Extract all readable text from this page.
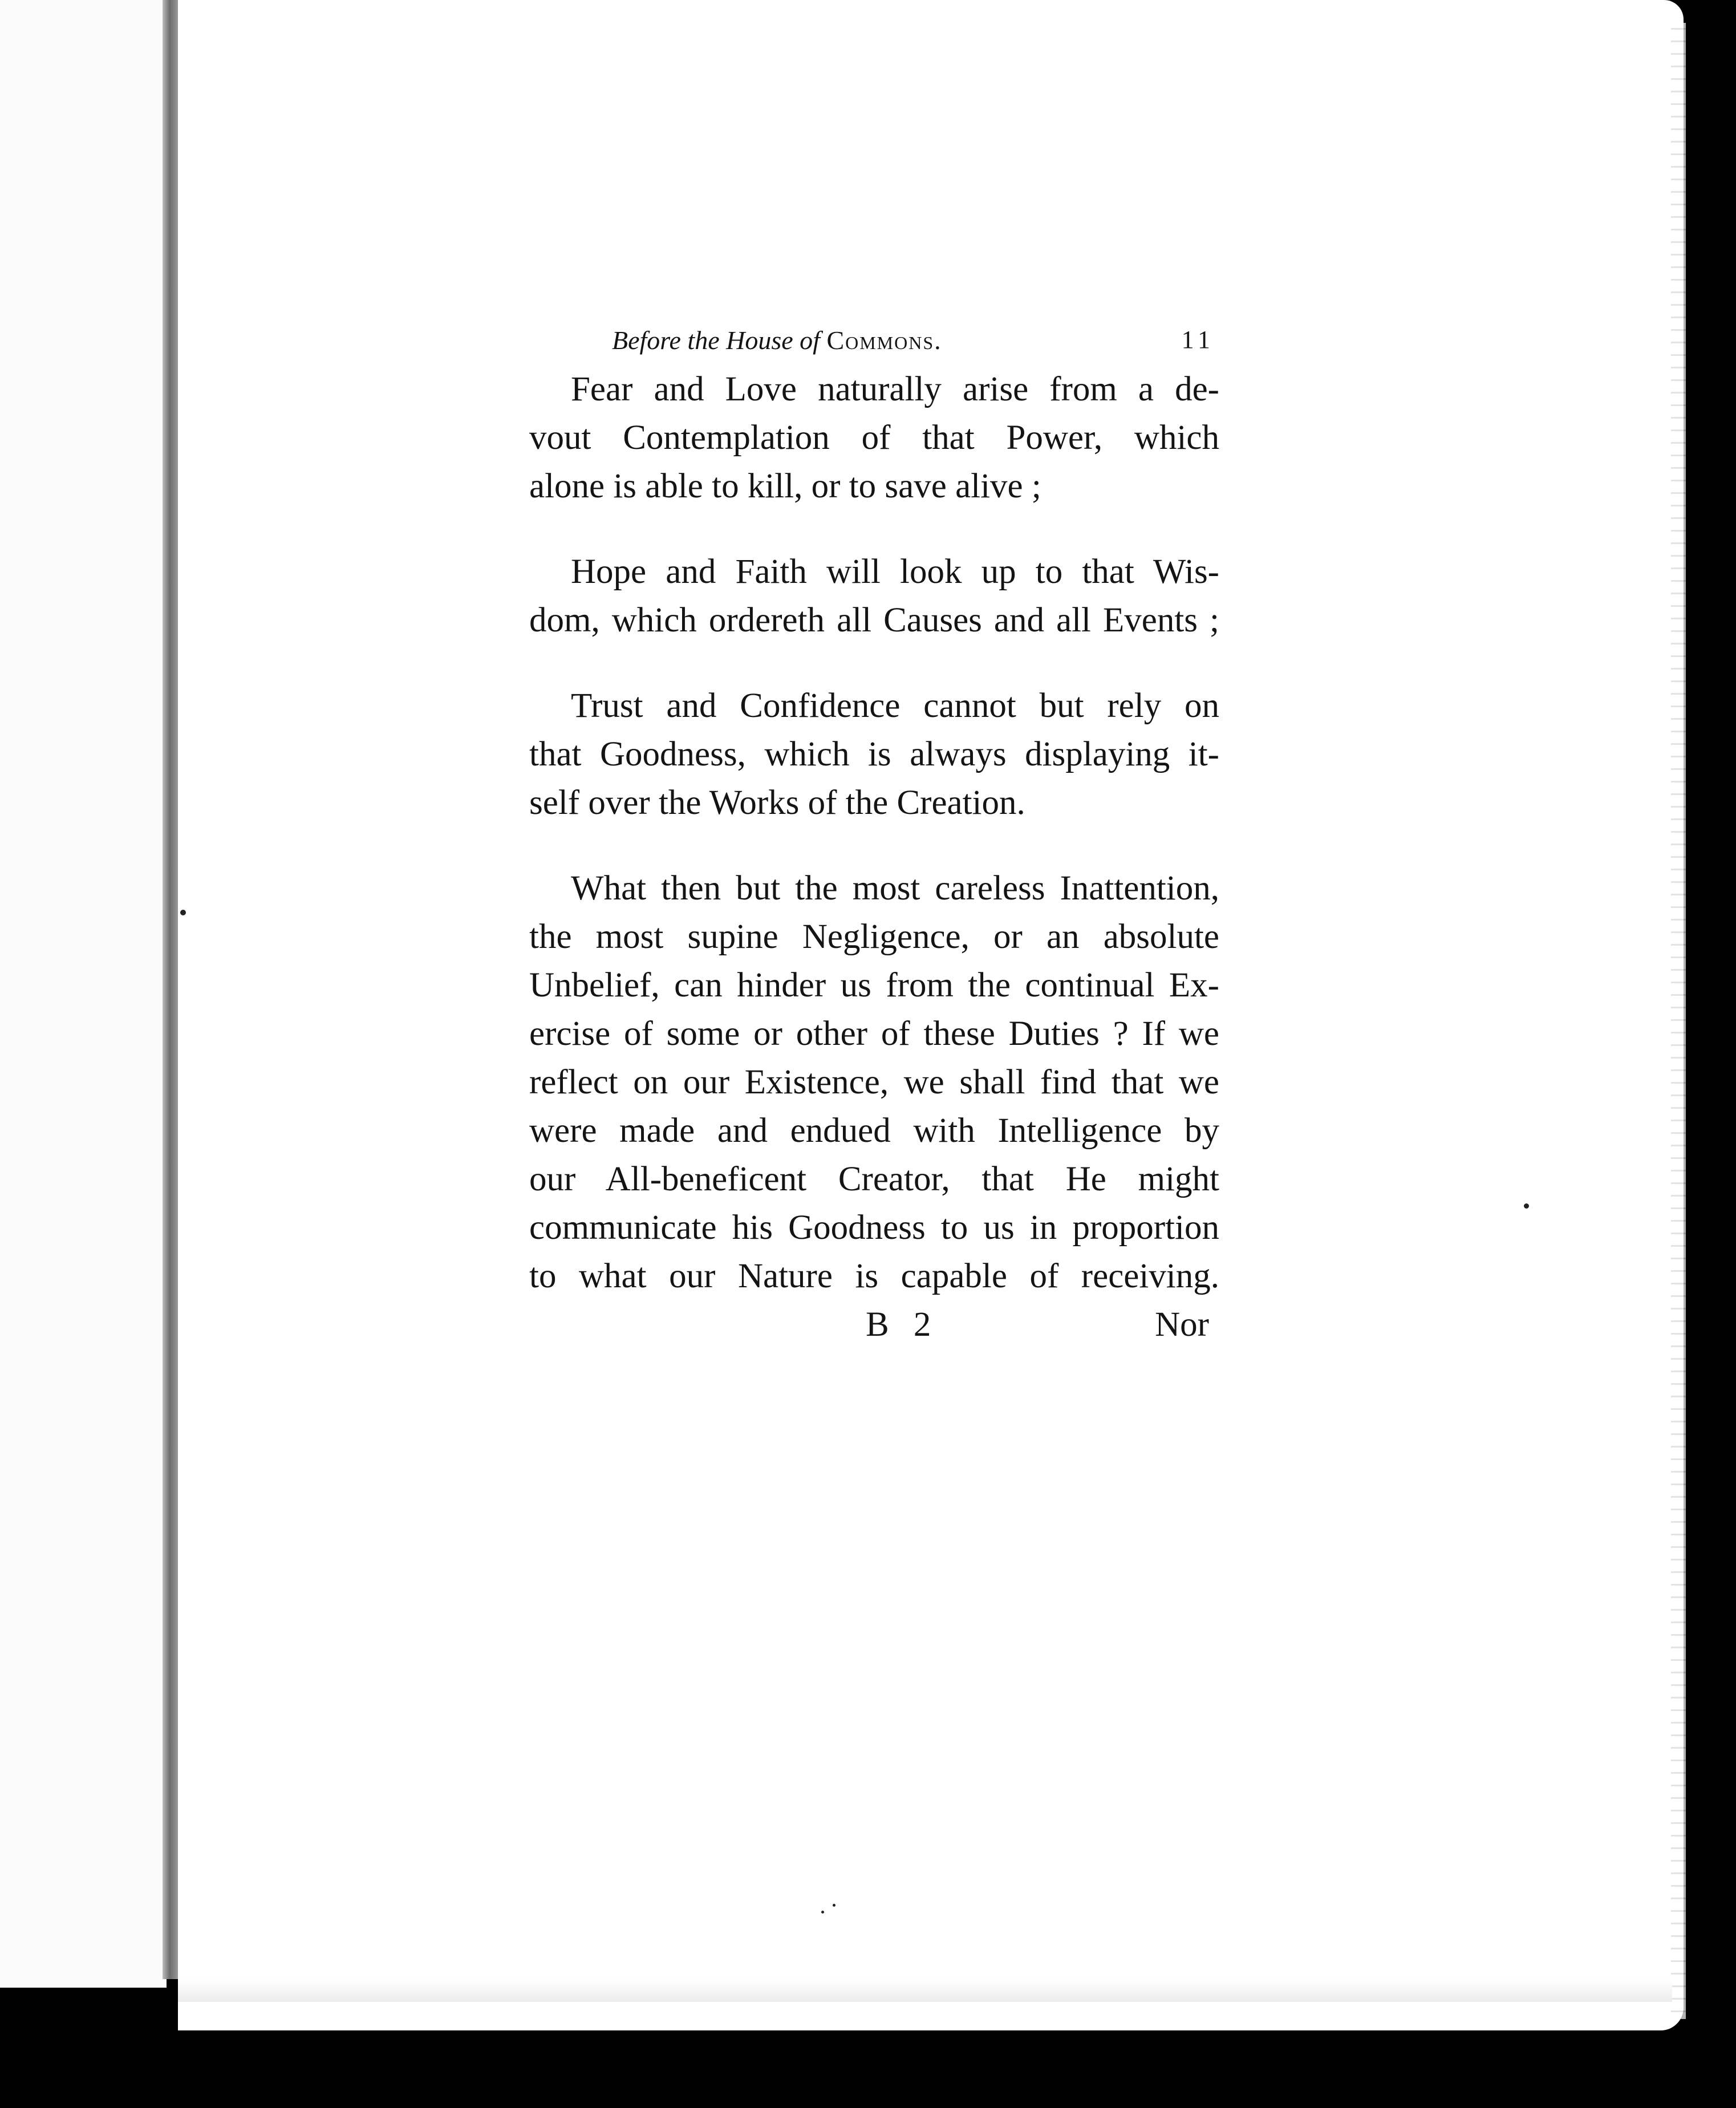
Before the House of Commons.	11
Fear and Love naturally arise from a de-
vout Contemplation of that Power, which
alone is able to kill, or to save alive ;
Hope and Faith will look up to that Wis-
dom, which ordereth all Causes and all Events ;
Trust and Confidence cannot but rely on
that Goodness, which is always displaying it-
self over the Works of the Creation.
What then but the most careless Inattention,
the most supine Negligence, or an absolute
Unbelief, can hinder us from the continual Ex-
ercise of some or other of these Duties ? If we
reflect on our Existence, we shall find that we
were made and endued with Intelligence by
our All-beneficent Creator, that He might
communicate his Goodness to us in proportion
to what our Nature is capable of receiving.
B 2	Nor
